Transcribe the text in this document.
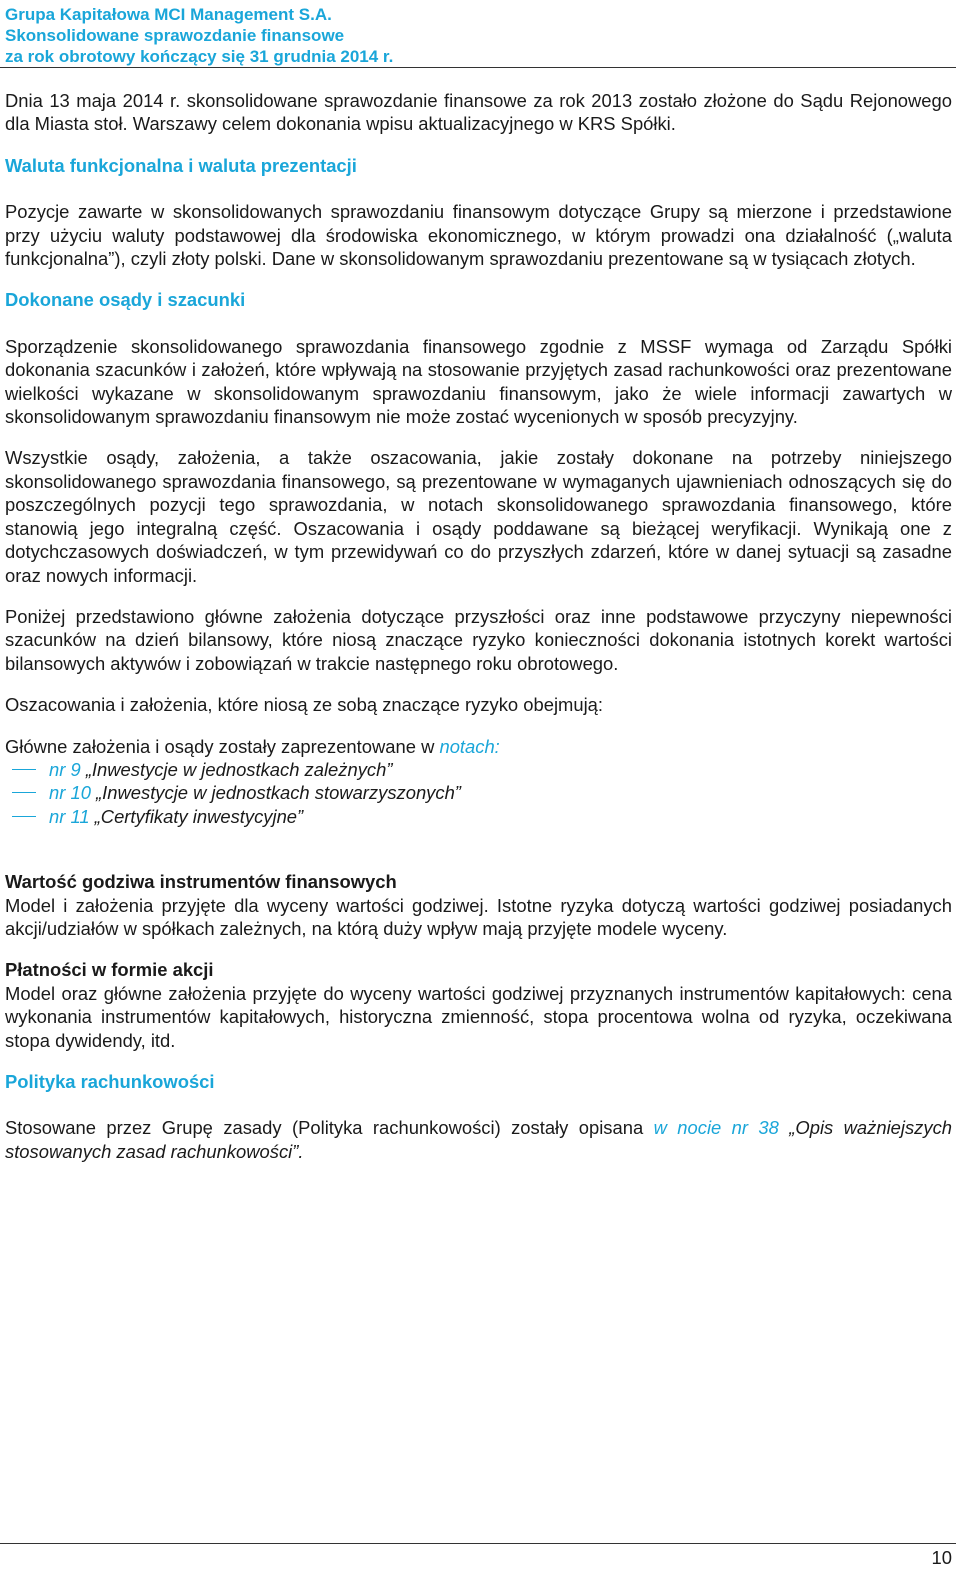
Grupa Kapitałowa MCI Management S.A.
Skonsolidowane sprawozdanie finansowe
za rok obrotowy kończący się 31 grudnia 2014 r.

Dnia 13 maja 2014 r. skonsolidowane sprawozdanie finansowe za rok 2013 zostało złożone do Sądu Rejonowego dla Miasta stoł. Warszawy celem dokonania wpisu aktualizacyjnego w KRS Spółki.

Waluta funkcjonalna i waluta prezentacji

Pozycje zawarte w skonsolidowanych sprawozdaniu finansowym dotyczące Grupy są mierzone i przedstawione przy użyciu waluty podstawowej dla środowiska ekonomicznego, w którym prowadzi ona działalność („waluta funkcjonalna”), czyli złoty polski. Dane w skonsolidowanym sprawozdaniu prezentowane są w tysiącach złotych.

Dokonane osądy i szacunki

Sporządzenie skonsolidowanego sprawozdania finansowego zgodnie z MSSF wymaga od Zarządu Spółki dokonania szacunków i założeń, które wpływają na stosowanie przyjętych zasad rachunkowości oraz prezentowane wielkości wykazane w skonsolidowanym sprawozdaniu finansowym, jako że wiele informacji zawartych w skonsolidowanym sprawozdaniu finansowym nie może zostać wycenionych w sposób precyzyjny.

Wszystkie osądy, założenia, a także oszacowania, jakie zostały dokonane na potrzeby niniejszego skonsolidowanego sprawozdania finansowego, są prezentowane w wymaganych ujawnieniach odnoszących się do poszczególnych pozycji tego sprawozdania, w notach skonsolidowanego sprawozdania finansowego, które stanowią jego integralną część. Oszacowania i osądy poddawane są bieżącej weryfikacji. Wynikają one z dotychczasowych doświadczeń, w tym przewidywań co do przyszłych zdarzeń, które w danej sytuacji są zasadne oraz nowych informacji.

Poniżej przedstawiono główne założenia dotyczące przyszłości oraz inne podstawowe przyczyny niepewności szacunków na dzień bilansowy, które niosą znaczące ryzyko konieczności dokonania istotnych korekt wartości bilansowych aktywów i zobowiązań w trakcie następnego roku obrotowego.

Oszacowania i założenia, które niosą ze sobą znaczące ryzyko obejmują:

Główne założenia i osądy zostały zaprezentowane w notach:

nr 9 „Inwestycje w jednostkach zależnych”
nr 10 „Inwestycje w jednostkach stowarzyszonych”
nr 11 „Certyfikaty inwestycyjne”
Wartość godziwa instrumentów finansowych

Model i założenia przyjęte dla wyceny wartości godziwej. Istotne ryzyka dotyczą wartości godziwej posiadanych akcji/udziałów w spółkach zależnych, na którą duży wpływ mają przyjęte modele wyceny.

Płatności w formie akcji

Model oraz główne założenia przyjęte do wyceny wartości godziwej przyznanych instrumentów kapitałowych: cena wykonania instrumentów kapitałowych, historyczna zmienność, stopa procentowa wolna od ryzyka, oczekiwana stopa dywidendy, itd.

Polityka rachunkowości

Stosowane przez Grupę zasady (Polityka rachunkowości) zostały opisana w nocie nr 38 „Opis ważniejszych stosowanych zasad rachunkowości”.

10
